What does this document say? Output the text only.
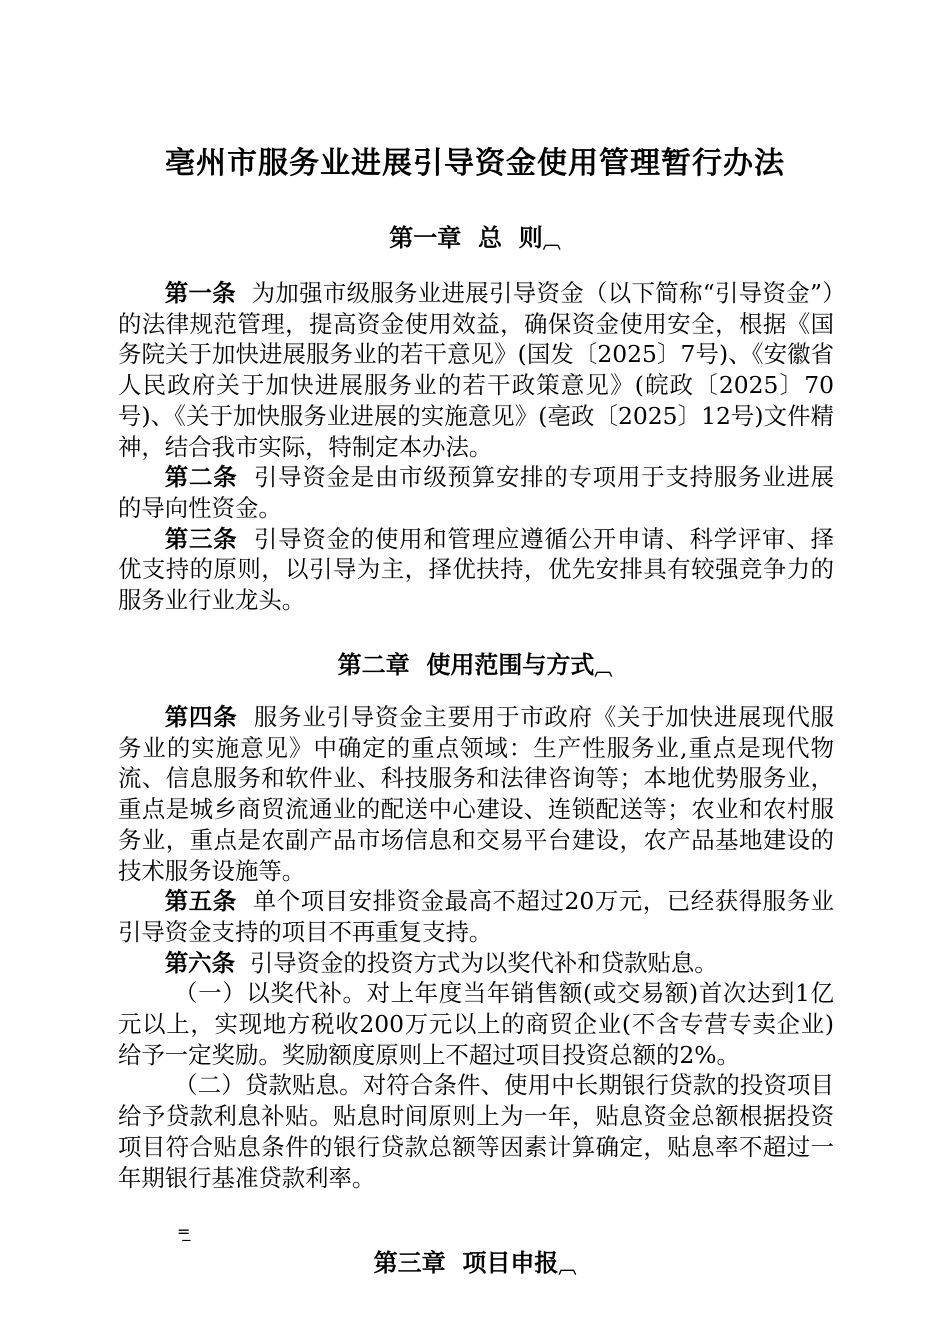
亳州市服务业进展引导资金使用管理暂行办法
第一章  总  则︹

第一条  为加强市级服务业进展引导资金（以下简称“引导资金”）的法律规范管理，提高资金使用效益，确保资金使用安全，根据《国务院关于加快进展服务业的若干意见》(国发〔2025〕7号)、《安徽省人民政府关于加快进展服务业的若干政策意见》(皖政〔2025〕70号)、《关于加快服务业进展的实施意见》(亳政〔2025〕12号)文件精神，结合我市实际，特制定本办法。

第二条  引导资金是由市级预算安排的专项用于支持服务业进展的导向性资金。

第三条  引导资金的使用和管理应遵循公开申请、科学评审、择优支持的原则，以引导为主，择优扶持，优先安排具有较强竞争力的服务业行业龙头。

第二章  使用范围与方式︹

第四条  服务业引导资金主要用于市政府《关于加快进展现代服务业的实施意见》中确定的重点领域：生产性服务业,重点是现代物流、信息服务和软件业、科技服务和法律咨询等；本地优势服务业，重点是城乡商贸流通业的配送中心建设、连锁配送等；农业和农村服务业，重点是农副产品市场信息和交易平台建设，农产品基地建设的技术服务设施等。

第五条  单个项目安排资金最高不超过20万元，已经获得服务业引导资金支持的项目不再重复支持。

第六条  引导资金的投资方式为以奖代补和贷款贴息。

（一）以奖代补。对上年度当年销售额(或交易额)首次达到1亿元以上，实现地方税收200万元以上的商贸企业(不含专营专卖企业)给予一定奖励。奖励额度原则上不超过项目投资总额的2%。

（二）贷款贴息。对符合条件、使用中长期银行贷款的投资项目给予贷款利息补贴。贴息时间原则上为一年，贴息资金总额根据投资项目符合贴息条件的银行贷款总额等因素计算确定，贴息率不超过一年期银行基准贷款利率。

=̲
第三章  项目申报︹
